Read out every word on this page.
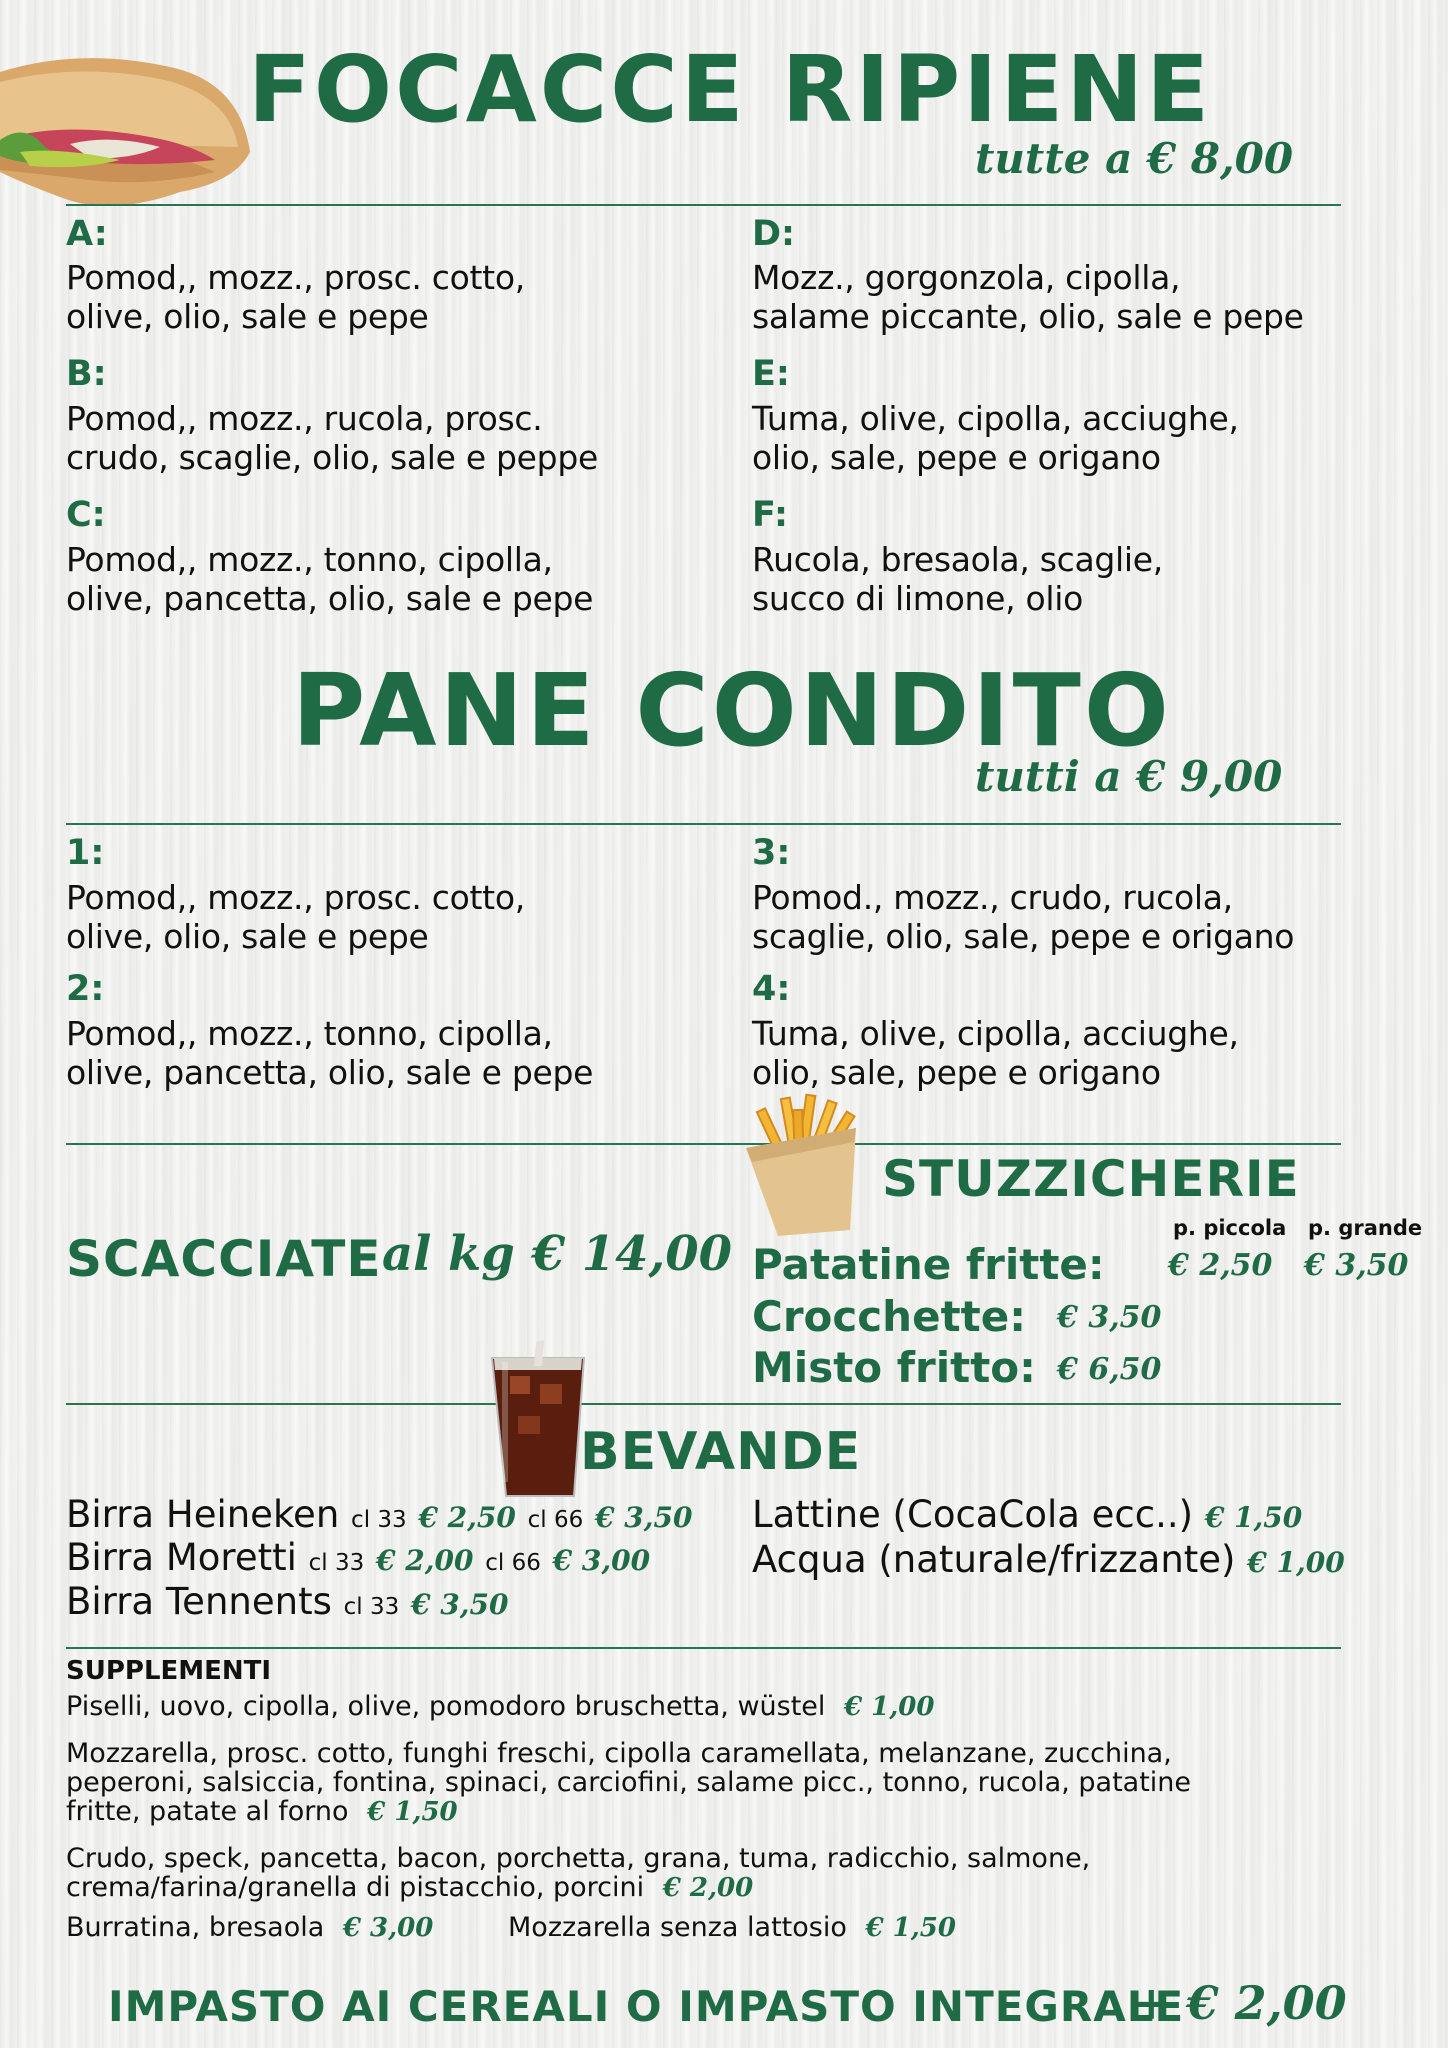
FOCACCE RIPIENE
tutte a € 8,00
A:
Pomod,, mozz., prosc. cotto,
olive, olio, sale e pepe
B:
Pomod,, mozz., rucola, prosc.
crudo, scaglie, olio, sale e peppe
C:
Pomod,, mozz., tonno, cipolla,
olive, pancetta, olio, sale e pepe
D:
Mozz., gorgonzola, cipolla,
salame piccante, olio, sale e pepe
E:
Tuma, olive, cipolla, acciughe,
olio, sale, pepe e origano
F:
Rucola, bresaola, scaglie,
succo di limone, olio
PANE CONDITO
tutti a € 9,00
1:
Pomod,, mozz., prosc. cotto,
olive, olio, sale e pepe
2:
Pomod,, mozz., tonno, cipolla,
olive, pancetta, olio, sale e pepe
3:
Pomod., mozz., crudo, rucola,
scaglie, olio, sale, pepe e origano
4:
Tuma, olive, cipolla, acciughe,
olio, sale, pepe e origano
SCACCIATE al kg € 14,00
STUZZICHERIE
p. piccola p. grande
Patatine fritte: € 2,50 € 3,50
Crocchette: € 3,50
Misto fritto: € 6,50
BEVANDE
Birra Heineken cl 33 € 2,50 cl 66 € 3,50
Birra Moretti cl 33 € 2,00 cl 66 € 3,00
Birra Tennents cl 33 € 3,50
Lattine (CocaCola ecc..) € 1,50
Acqua (naturale/frizzante) € 1,00
SUPPLEMENTI
Piselli, uovo, cipolla, olive, pomodoro bruschetta, wüstel € 1,00
Mozzarella, prosc. cotto, funghi freschi, cipolla caramellata, melanzane, zucchina,
peperoni, salsiccia, fontina, spinaci, carciofini, salame picc., tonno, rucola, patatine
fritte, patate al forno € 1,50
Crudo, speck, pancetta, bacon, porchetta, grana, tuma, radicchio, salmone,
crema/farina/granella di pistacchio, porcini € 2,00
Burratina, bresaola € 3,00	Mozzarella senza lattosio € 1,50
IMPASTO AI CEREALI O IMPASTO INTEGRALE
+ € 2,00
